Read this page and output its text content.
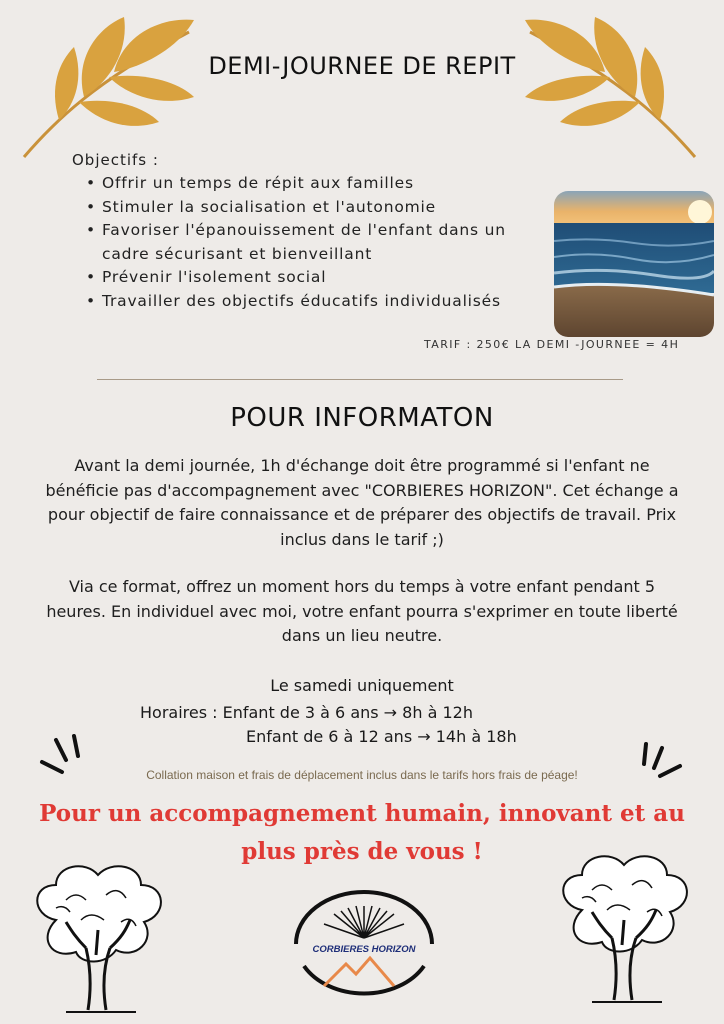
DEMI-JOURNEE DE REPIT
Objectifs :
• Offrir un temps de répit aux familles
• Stimuler la socialisation et l'autonomie
• Favoriser l'épanouissement de l'enfant dans un cadre sécurisant et bienveillant
• Prévenir l'isolement social
• Travailler des objectifs éducatifs individualisés
TARIF : 250€ LA DEMI -JOURNEE = 4H
POUR INFORMATON
Avant la demi journée, 1h d'échange doit être programmé si l'enfant ne bénéficie pas d'accompagnement avec "CORBIERES HORIZON". Cet échange a pour objectif de faire connaissance et de préparer des objectifs de travail. Prix inclus dans le tarif ;)
Via ce format, offrez un moment hors du temps à votre enfant pendant 5 heures. En individuel avec moi, votre enfant pourra s'exprimer en toute liberté dans un lieu neutre.
Le samedi uniquement
Horaires : Enfant de 3 à 6 ans → 8h à 12h
Enfant de 6 à 12 ans → 14h à 18h
Collation maison et frais de déplacement inclus dans le tarifs hors frais de péage!
Pour un accompagnement humain, innovant et au plus près de vous !
CORBIERES HORIZON
